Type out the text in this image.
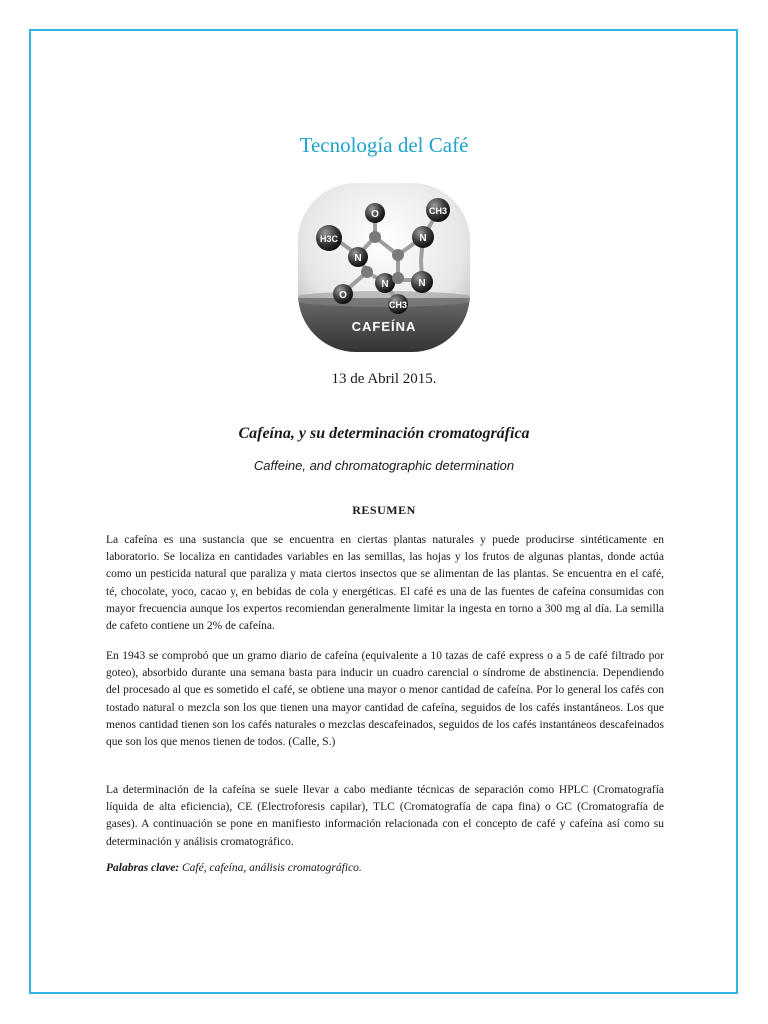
Tecnología del Café
O	CH3
H3C	N
N
N	N
O
CH3
CAFEÍNA
13 de Abril 2015.
Cafeína, y su determinación cromatográfica
Caffeine, and chromatographic determination
RESUMEN

La cafeína es una sustancia que se encuentra en ciertas plantas naturales y puede producirse sintéticamente en laboratorio. Se localiza en cantidades variables en las semillas, las hojas y los frutos de algunas plantas, donde actúa como un pesticida natural que paraliza y mata ciertos insectos que se alimentan de las plantas. Se encuentra en el café, té, chocolate, yoco, cacao y, en bebidas de cola y energéticas. El café es una de las fuentes de cafeína consumidas con mayor frecuencia aunque los expertos recomiendan generalmente limitar la ingesta en torno a 300 mg al día. La semilla de cafeto contiene un 2% de cafeína.

En 1943 se comprobó que un gramo diario de cafeína (equivalente a 10 tazas de café express o a 5 de café filtrado por goteo), absorbido durante una semana basta para inducir un cuadro carencial o síndrome de abstinencia. Dependiendo del procesado al que es sometido el café, se obtiene una mayor o menor cantidad de cafeína. Por lo general los cafés con tostado natural o mezcla son los que tienen una mayor cantidad de cafeína, seguidos de los cafés instantáneos. Los que menos cantidad tienen son los cafés naturales o mezclas descafeinados, seguidos de los cafés instantáneos descafeinados que son los que menos tienen de todos. (Calle, S.)

La determinación de la cafeína se suele llevar a cabo mediante técnicas de separación como HPLC (Cromatografía líquida de alta eficiencia), CE (Electroforesis capilar), TLC (Cromatografía de capa fina) o GC (Cromatografía de gases). A continuación se pone en manifiesto información relacionada con el concepto de café y cafeína así como su determinación y análisis cromatográfico.

Palabras clave: Café, cafeína, análisis cromatográfico.
